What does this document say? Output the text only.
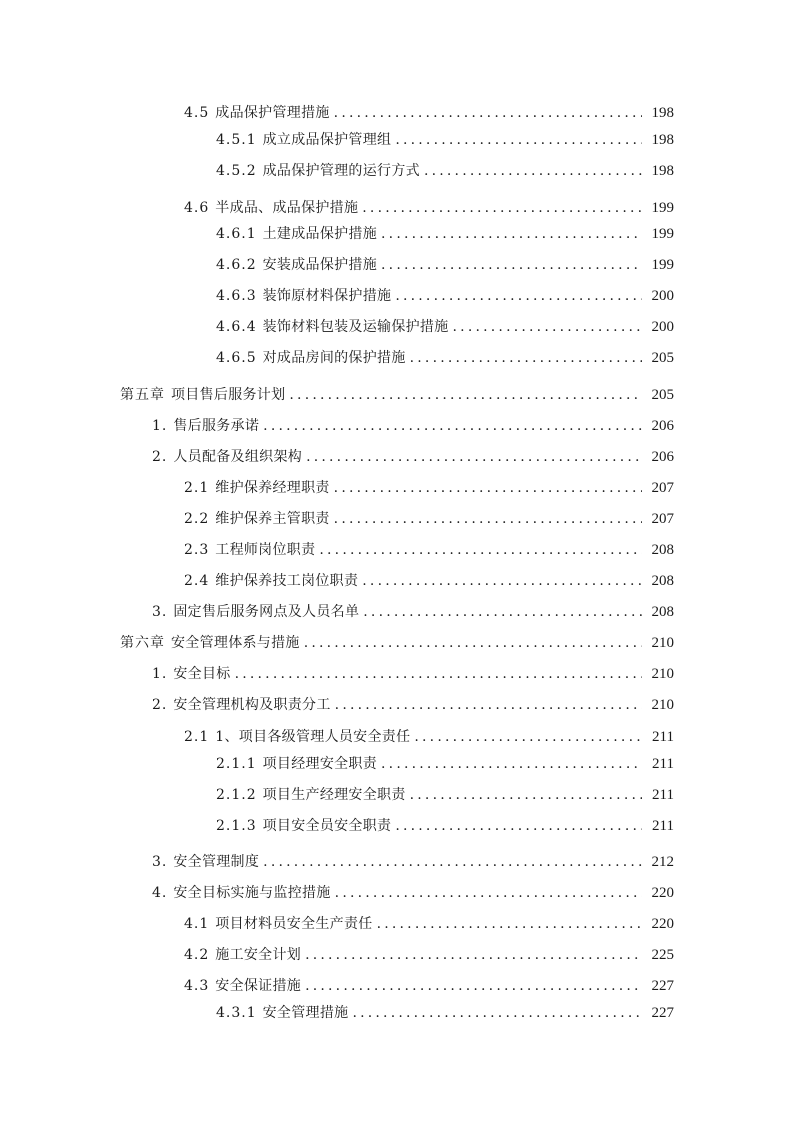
4.5 成品保护管理措施 .....	198
4.5.1 成立成品保护管理组 .....	198
4.5.2 成品保护管理的运行方式 .....	198
4.6 半成品、成品保护措施 .....	199
4.6.1 土建成品保护措施 .....	199
4.6.2 安装成品保护措施 .....	199
4.6.3 装饰原材料保护措施 .....	200
4.6.4 装饰材料包装及运输保护措施 .....	200
4.6.5 对成品房间的保护措施 .....	205
第五章 项目售后服务计划 .....	205
1. 售后服务承诺 .....	206
2. 人员配备及组织架构 .....	206
2.1 维护保养经理职责 .....	207
2.2 维护保养主管职责 .....	207
2.3 工程师岗位职责 .....	208
2.4 维护保养技工岗位职责 .....	208
3. 固定售后服务网点及人员名单 .....	208
第六章 安全管理体系与措施 .....	210
1. 安全目标 .....	210
2. 安全管理机构及职责分工 .....	210
2.1 1、项目各级管理人员安全责任 .....	211
2.1.1 项目经理安全职责 .....	211
2.1.2 项目生产经理安全职责 .....	211
2.1.3 项目安全员安全职责 .....	211
3. 安全管理制度 .....	212
4. 安全目标实施与监控措施 .....	220
4.1 项目材料员安全生产责任 .....	220
4.2 施工安全计划 .....	225
4.3 安全保证措施 .....	227
4.3.1 安全管理措施 .....	227
